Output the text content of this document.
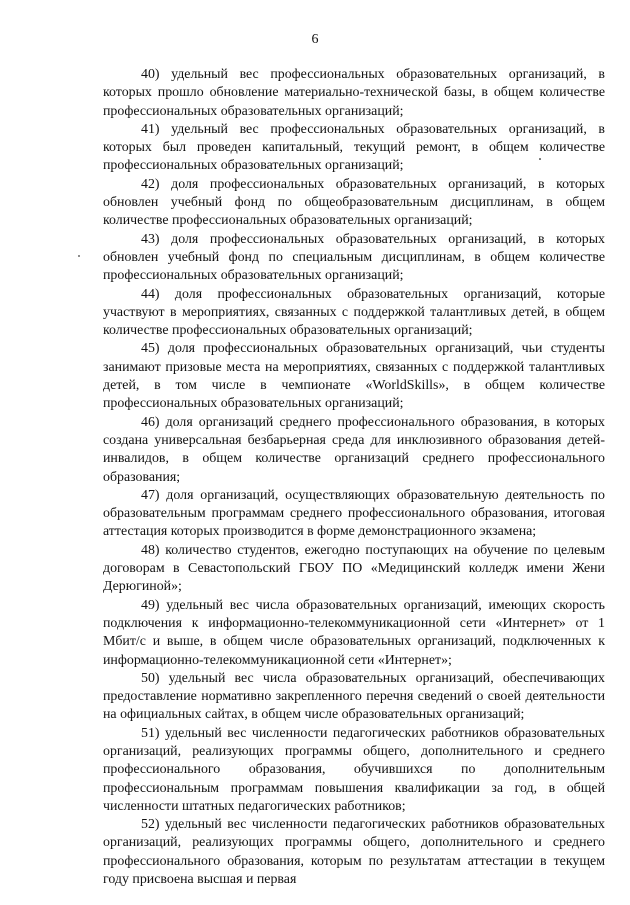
6

40) удельный вес профессиональных образовательных организаций, в которых прошло обновление материально-технической базы, в общем количестве профессиональных образовательных организаций;

41) удельный вес профессиональных образовательных организаций, в которых был проведен капитальный, текущий ремонт, в общем количестве профессиональных образовательных организаций;

42) доля профессиональных образовательных организаций, в которых обновлен учебный фонд по общеобразовательным дисциплинам, в общем количестве профессиональных образовательных организаций;

43) доля профессиональных образовательных организаций, в которых обновлен учебный фонд по специальным дисциплинам, в общем количестве профессиональных образовательных организаций;

44) доля профессиональных образовательных организаций, которые участвуют в мероприятиях, связанных с поддержкой талантливых детей, в общем количестве профессиональных образовательных организаций;

45) доля профессиональных образовательных организаций, чьи студенты занимают призовые места на мероприятиях, связанных с поддержкой талантливых детей, в том числе в чемпионате «WorldSkills», в общем количестве профессиональных образовательных организаций;

46) доля организаций среднего профессионального образования, в которых создана универсальная безбарьерная среда для инклюзивного образования детей-инвалидов, в общем количестве организаций среднего профессионального образования;

47) доля организаций, осуществляющих образовательную деятельность по образовательным программам среднего профессионального образования, итоговая аттестация которых производится в форме демонстрационного экзамена;

48) количество студентов, ежегодно поступающих на обучение по целевым договорам в Севастопольский ГБОУ ПО «Медицинский колледж имени Жени Дерюгиной»;

49) удельный вес числа образовательных организаций, имеющих скорость подключения к информационно-телекоммуникационной сети «Интернет» от 1 Мбит/с и выше, в общем числе образовательных организаций, подключенных к информационно-телекоммуникационной сети «Интернет»;

50) удельный вес числа образовательных организаций, обеспечивающих предоставление нормативно закрепленного перечня сведений о своей деятельности на официальных сайтах, в общем числе образовательных организаций;

51) удельный вес численности педагогических работников образовательных организаций, реализующих программы общего, дополнительного и среднего профессионального образования, обучившихся по дополнительным профессиональным программам повышения квалификации за год, в общей численности штатных педагогических работников;

52) удельный вес численности педагогических работников образовательных организаций, реализующих программы общего, дополнительного и среднего профессионального образования, которым по результатам аттестации в текущем году присвоена высшая и первая
